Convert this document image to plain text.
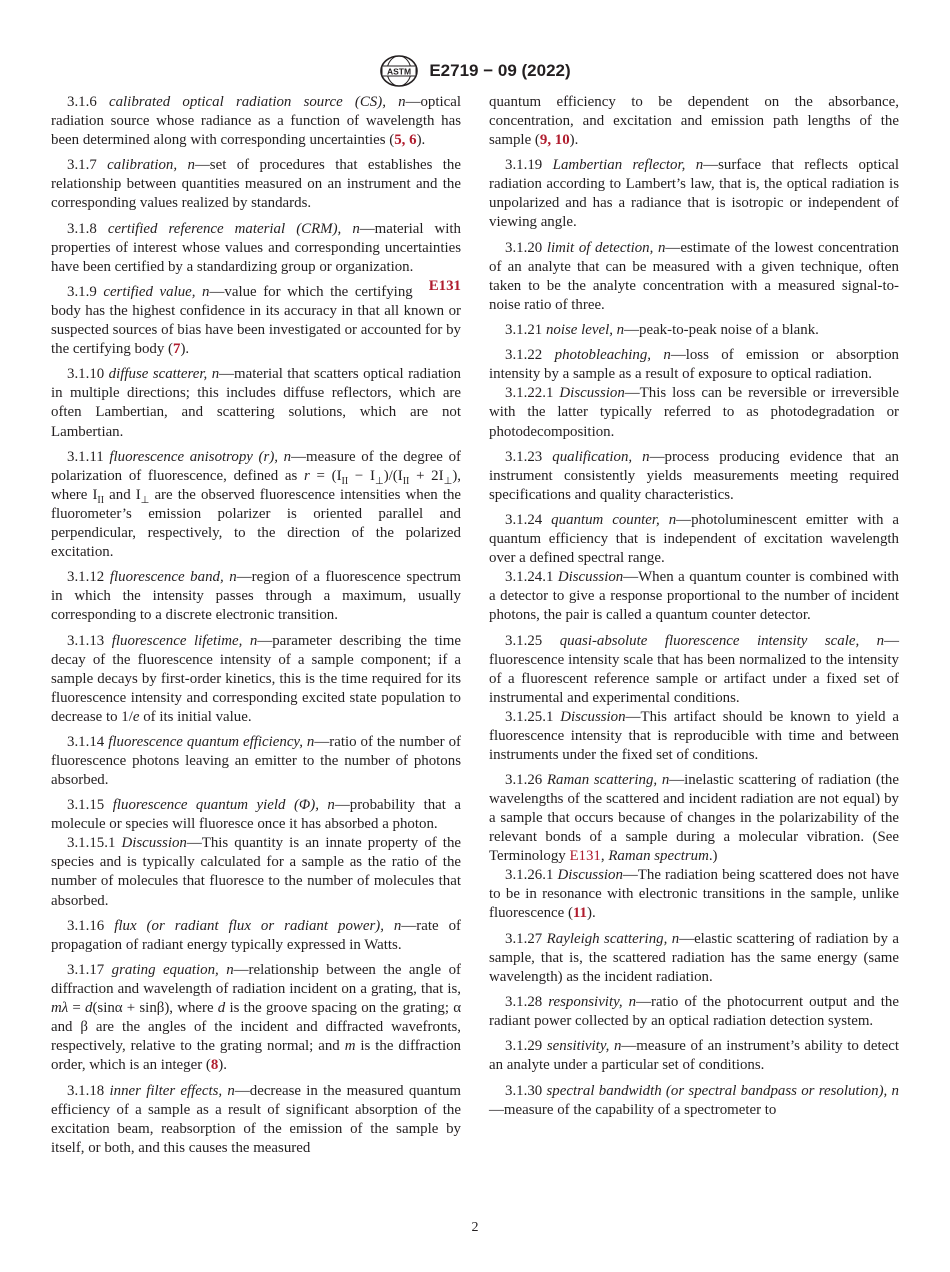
ASTM E2719 − 09 (2022)

3.1.6 calibrated optical radiation source (CS), n—optical radiation source whose radiance as a function of wavelength has been determined along with corresponding uncertainties (5, 6).

3.1.7 calibration, n—set of procedures that establishes the relationship between quantities measured on an instrument and the corresponding values realized by standards.

3.1.8 certified reference material (CRM), n—material with properties of interest whose values and corresponding uncertainties have been certified by a standardizing group or organization.
E131

3.1.9 certified value, n—value for which the certifying body has the highest confidence in its accuracy in that all known or suspected sources of bias have been investigated or accounted for by the certifying body (7).

3.1.10 diffuse scatterer, n—material that scatters optical radiation in multiple directions; this includes diffuse reflectors, which are often Lambertian, and scattering solutions, which are not Lambertian.

3.1.11 fluorescence anisotropy (r), n—measure of the degree of polarization of fluorescence, defined as $r = (I_{II} - I_\perp)/(I_{II} + 2I_\perp)$, where $I_{II}$ and $I_\perp$ are the observed fluorescence intensities when the fluorometer’s emission polarizer is oriented parallel and perpendicular, respectively, to the direction of the polarized excitation.

3.1.12 fluorescence band, n—region of a fluorescence spectrum in which the intensity passes through a maximum, usually corresponding to a discrete electronic transition.

3.1.13 fluorescence lifetime, n—parameter describing the time decay of the fluorescence intensity of a sample component; if a sample decays by first-order kinetics, this is the time required for its fluorescence intensity and corresponding excited state population to decrease to 1/e of its initial value.

3.1.14 fluorescence quantum efficiency, n—ratio of the number of fluorescence photons leaving an emitter to the number of photons absorbed.

3.1.15 fluorescence quantum yield (Φ), n—probability that a molecule or species will fluoresce once it has absorbed a photon.

3.1.15.1 Discussion—This quantity is an innate property of the species and is typically calculated for a sample as the ratio of the number of molecules that fluoresce to the number of molecules that absorbed.

3.1.16 flux (or radiant flux or radiant power), n—rate of propagation of radiant energy typically expressed in Watts.

3.1.17 grating equation, n—relationship between the angle of diffraction and wavelength of radiation incident on a grating, that is, mλ = d(sinα + sinβ), where d is the groove spacing on the grating; α and β are the angles of the incident and diffracted wavefronts, respectively, relative to the grating normal; and m is the diffraction order, which is an integer (8).

3.1.18 inner filter effects, n—decrease in the measured quantum efficiency of a sample as a result of significant absorption of the excitation beam, reabsorption of the emission of the sample by itself, or both, and this causes the measured

quantum efficiency to be dependent on the absorbance, concentration, and excitation and emission path lengths of the sample (9, 10).

3.1.19 Lambertian reflector, n—surface that reflects optical radiation according to Lambert’s law, that is, the optical radiation is unpolarized and has a radiance that is isotropic or independent of viewing angle.

3.1.20 limit of detection, n—estimate of the lowest concentration of an analyte that can be measured with a given technique, often taken to be the analyte concentration with a measured signal-to-noise ratio of three.

3.1.21 noise level, n—peak-to-peak noise of a blank.

3.1.22 photobleaching, n—loss of emission or absorption intensity by a sample as a result of exposure to optical radiation.

3.1.22.1 Discussion—This loss can be reversible or irreversible with the latter typically referred to as photodegradation or photodecomposition.

3.1.23 qualification, n—process producing evidence that an instrument consistently yields measurements meeting required specifications and quality characteristics.

3.1.24 quantum counter, n—photoluminescent emitter with a quantum efficiency that is independent of excitation wavelength over a defined spectral range.

3.1.24.1 Discussion—When a quantum counter is combined with a detector to give a response proportional to the number of incident photons, the pair is called a quantum counter detector.

3.1.25 quasi-absolute fluorescence intensity scale, n—fluorescence intensity scale that has been normalized to the intensity of a fluorescent reference sample or artifact under a fixed set of instrumental and experimental conditions.

3.1.25.1 Discussion—This artifact should be known to yield a fluorescence intensity that is reproducible with time and between instruments under the fixed set of conditions.

3.1.26 Raman scattering, n—inelastic scattering of radiation (the wavelengths of the scattered and incident radiation are not equal) by a sample that occurs because of changes in the polarizability of the relevant bonds of a sample during a molecular vibration. (See Terminology E131, Raman spectrum.)

3.1.26.1 Discussion—The radiation being scattered does not have to be in resonance with electronic transitions in the sample, unlike fluorescence (11).

3.1.27 Rayleigh scattering, n—elastic scattering of radiation by a sample, that is, the scattered radiation has the same energy (same wavelength) as the incident radiation.

3.1.28 responsivity, n—ratio of the photocurrent output and the radiant power collected by an optical radiation detection system.

3.1.29 sensitivity, n—measure of an instrument’s ability to detect an analyte under a particular set of conditions.

3.1.30 spectral bandwidth (or spectral bandpass or resolution), n—measure of the capability of a spectrometer to

2
